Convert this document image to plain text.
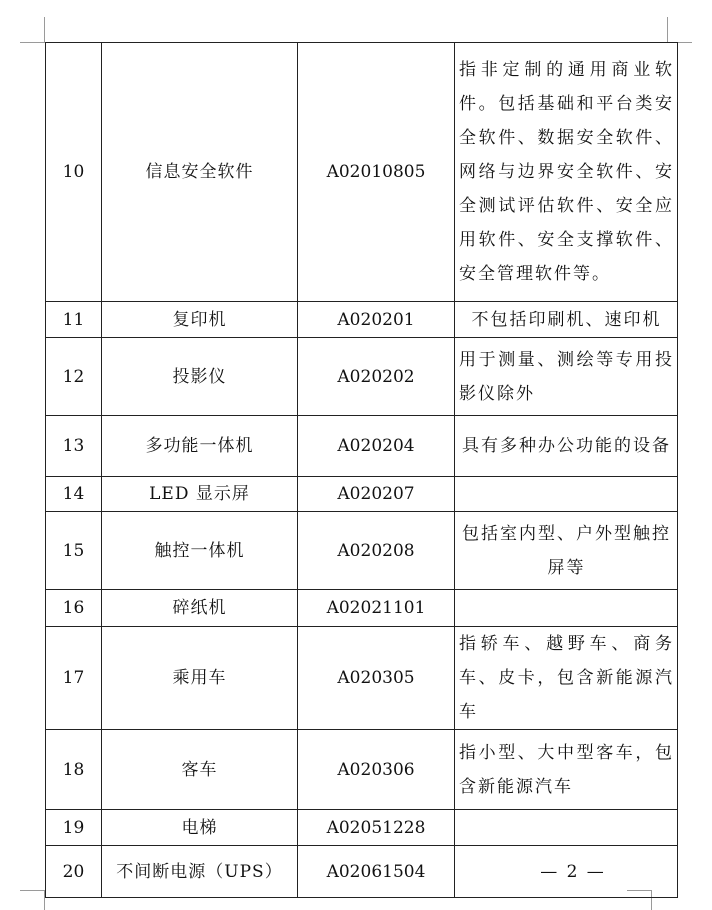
10	信息安全软件	A02010805	指非定制的通用商业软件。包括基础和平台类安全软件、数据安全软件、网络与边界安全软件、安全测试评估软件、安全应用软件、安全支撑软件、安全管理软件等。
11	复印机	A020201	不包括印刷机、速印机
12	投影仪	A020202	用于测量、测绘等专用投影仪除外
13	多功能一体机	A020204	具有多种办公功能的设备
14	LED 显示屏	A020207	
15	触控一体机	A020208	包括室内型、户外型触控屏等
16	碎纸机	A02021101	
17	乘用车	A020305	指轿车、越野车、商务车、皮卡，包含新能源汽车
18	客车	A020306	指小型、大中型客车，包含新能源汽车
19	电梯	A02051228	
20	不间断电源（UPS）	A02061504		— 2 —
